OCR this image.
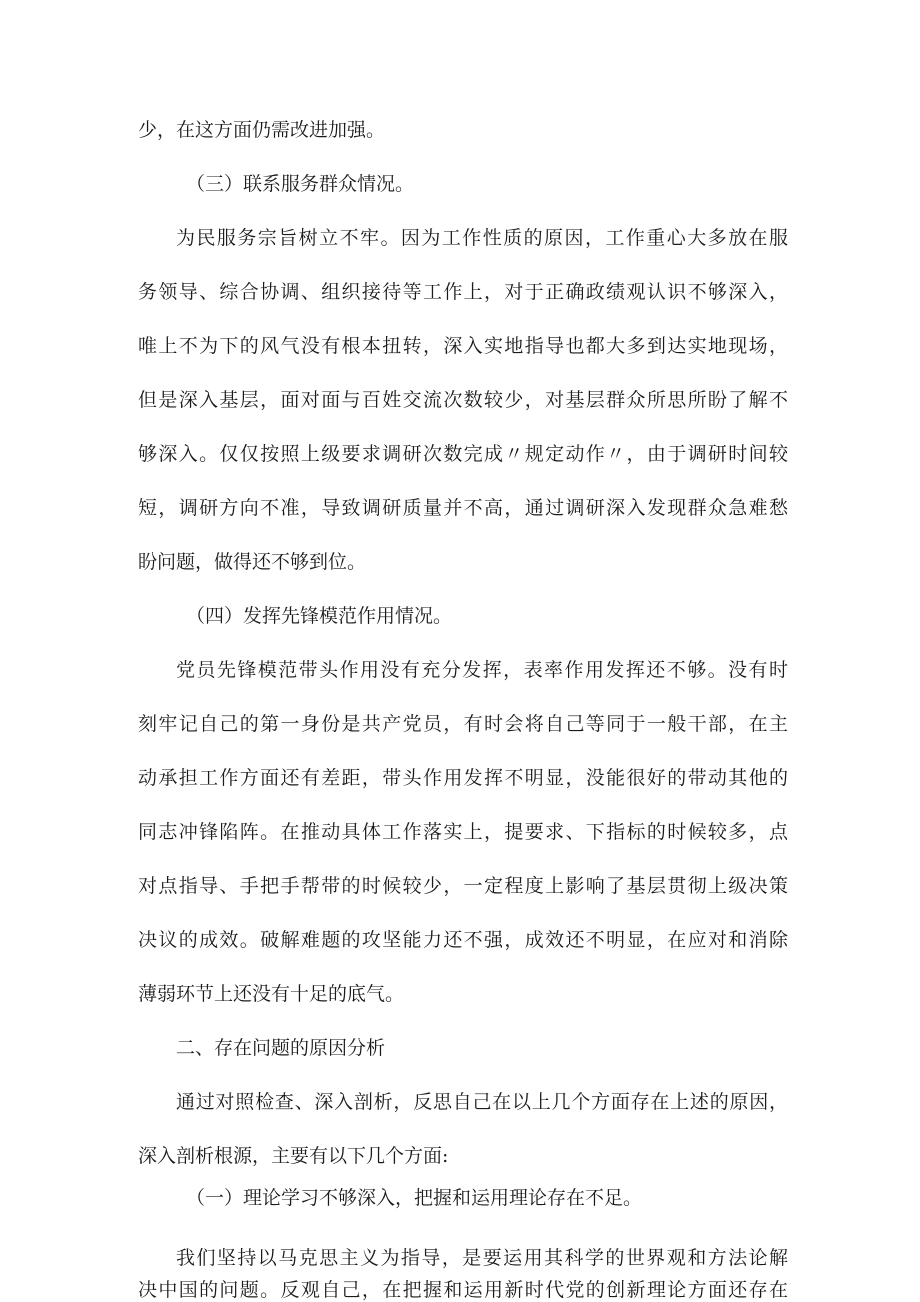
少，在这方面仍需改进加强。
（三）联系服务群众情况。
为民服务宗旨树立不牢。因为工作性质的原因，工作重心大多放在服
务领导、综合协调、组织接待等工作上，对于正确政绩观认识不够深入，
唯上不为下的风气没有根本扭转，深入实地指导也都大多到达实地现场，
但是深入基层，面对面与百姓交流次数较少，对基层群众所思所盼了解不
够深入。仅仅按照上级要求调研次数完成〃规定动作〃，由于调研时间较
短，调研方向不准，导致调研质量并不高，通过调研深入发现群众急难愁
盼问题，做得还不够到位。
（四）发挥先锋模范作用情况。
党员先锋模范带头作用没有充分发挥，表率作用发挥还不够。没有时
刻牢记自己的第一身份是共产党员，有时会将自己等同于一般干部，在主
动承担工作方面还有差距，带头作用发挥不明显，没能很好的带动其他的
同志冲锋陷阵。在推动具体工作落实上，提要求、下指标的时候较多，点
对点指导、手把手帮带的时候较少，一定程度上影响了基层贯彻上级决策
决议的成效。破解难题的攻坚能力还不强，成效还不明显，在应对和消除
薄弱环节上还没有十足的底气。
二、存在问题的原因分析
通过对照检查、深入剖析，反思自己在以上几个方面存在上述的原因，
深入剖析根源，主要有以下几个方面:
（一）理论学习不够深入，把握和运用理论存在不足。
我们坚持以马克思主义为指导，是要运用其科学的世界观和方法论解
决中国的问题。反观自己，在把握和运用新时代党的创新理论方面还存在
